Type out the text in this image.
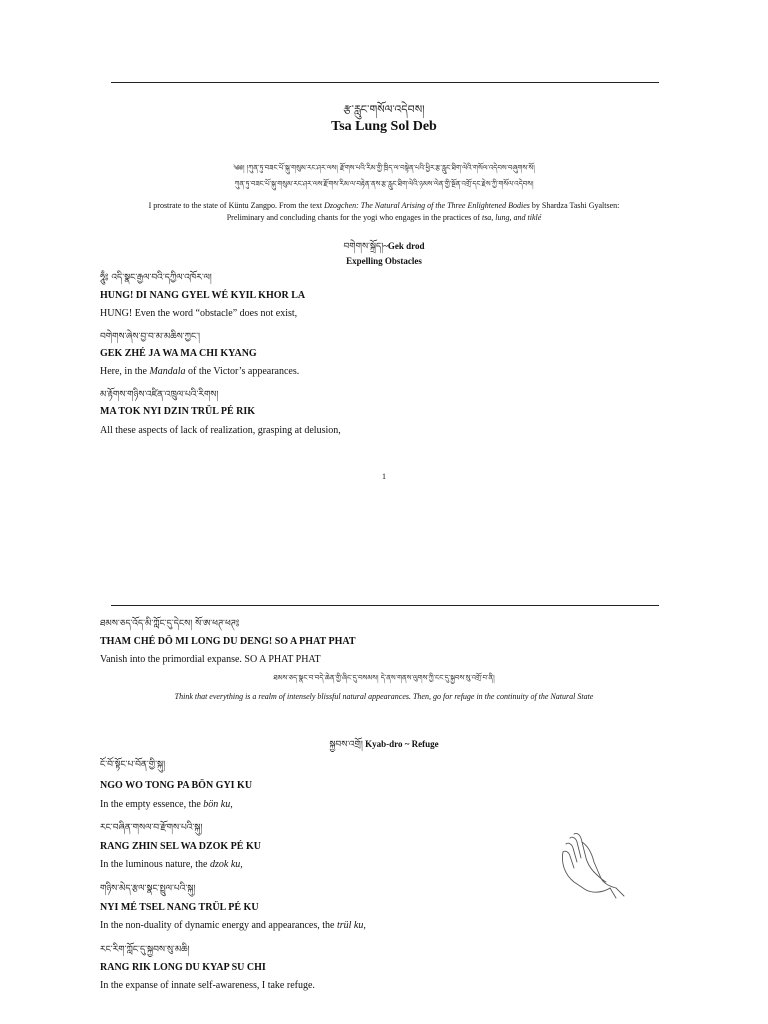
རྩ་རླུང་གསོལ་འདེབས།
Tsa Lung Sol Deb
༄༅། །ཀུན་ཏུ་བཟང་པོ་སྐུ་གསུམ་རང་ཤར་ལས། རྫོགས་པའི་རིམ་གྱི་ཁྲིད་ལ་བསྟེན་པའི་ཕྱིར་རྩ་རླུང་ཐིག་ལེའི་གསོལ་འདེབས་བཞུགས་སོ།
ཀུན་ཏུ་བཟང་པོ་སྐུ་གསུམ་རང་ཤར་ལས་རྫོགས་རིམ་ལ་བརྟེན་ནས་རྩ་རླུང་ཐིག་ལེའི་ཉམས་ལེན་གྱི་སྔོན་འགྲོ་དང་རྗེས་ཀྱི་གསོལ་འདེབས།
I prostrate to the state of Küntu Zangpo. From the text Dzogchen: The Natural Arising of the Three Enlightened Bodies by Shardza Tashi Gyaltsen:
Preliminary and concluding chants for the yogi who engages in the practices of tsa, lung, and tiklé
བགེགས་སྐྲོད།~Gek drod
Expelling Obstacles
ཧཱུྃ༔ འདི་སྣང་རྒྱལ་བའི་དཀྱིལ་འཁོར་ལ།
HUNG! DI NANG GYEL WÉ KYIL KHOR LA
HUNG! Even the word “obstacle” does not exist,
བགེགས་ཞེས་བྱ་བ་མ་མཆིས་ཀྱང་།
GEK ZHÉ JA WA MA CHI KYANG
Here, in the Mandala of the Victor’s appearances.
མ་རྟོགས་གཉིས་འཛིན་འཁྲུལ་པའི་རིགས།
MA TOK NYI DZIN TRÜL PÉ RIK
All these aspects of lack of realization, grasping at delusion,
1
ཐམས་ཅད་འོད་མི་ཀློང་དུ་དེངས། སོ་ཨ་ཕཊ་ཕཊ༔
THAM CHÉ DÖ MI LONG DU DENG! SO A PHAT PHAT
Vanish into the primordial expanse. SO A PHAT PHAT
ཐམས་ཅད་སྣང་བ་བདེ་ཆེན་གྱི་ཞིང་དུ་བསམས། དེ་ནས་གནས་ལུགས་ཀྱི་ངང་དུ་སྐྱབས་སུ་འགྲོ་བ་ནི།
Think that everything is a realm of intensely blissful natural appearances. Then, go for refuge in the continuity of the Natural State
སྐྱབས་འགྲོ། Kyab-dro ~ Refuge
ངོ་བོ་སྟོང་པ་བོན་གྱི་སྐུ།
NGO WO TONG PA BÖN GYI KU
In the empty essence, the bön ku,
རང་བཞིན་གསལ་བ་རྫོགས་པའི་སྐུ།
RANG ZHIN SEL WA DZOK PÉ KU
In the luminous nature, the dzok ku,
གཉིས་མེད་རྩལ་སྣང་སྤྲུལ་པའི་སྐུ།
NYI MÉ TSEL NANG TRÜL PÉ KU
In the non-duality of dynamic energy and appearances, the trül ku,
རང་རིག་ཀློང་དུ་སྐྱབས་སུ་མཆི།
RANG RIK LONG DU KYAP SU CHI
In the expanse of innate self-awareness, I take refuge.
